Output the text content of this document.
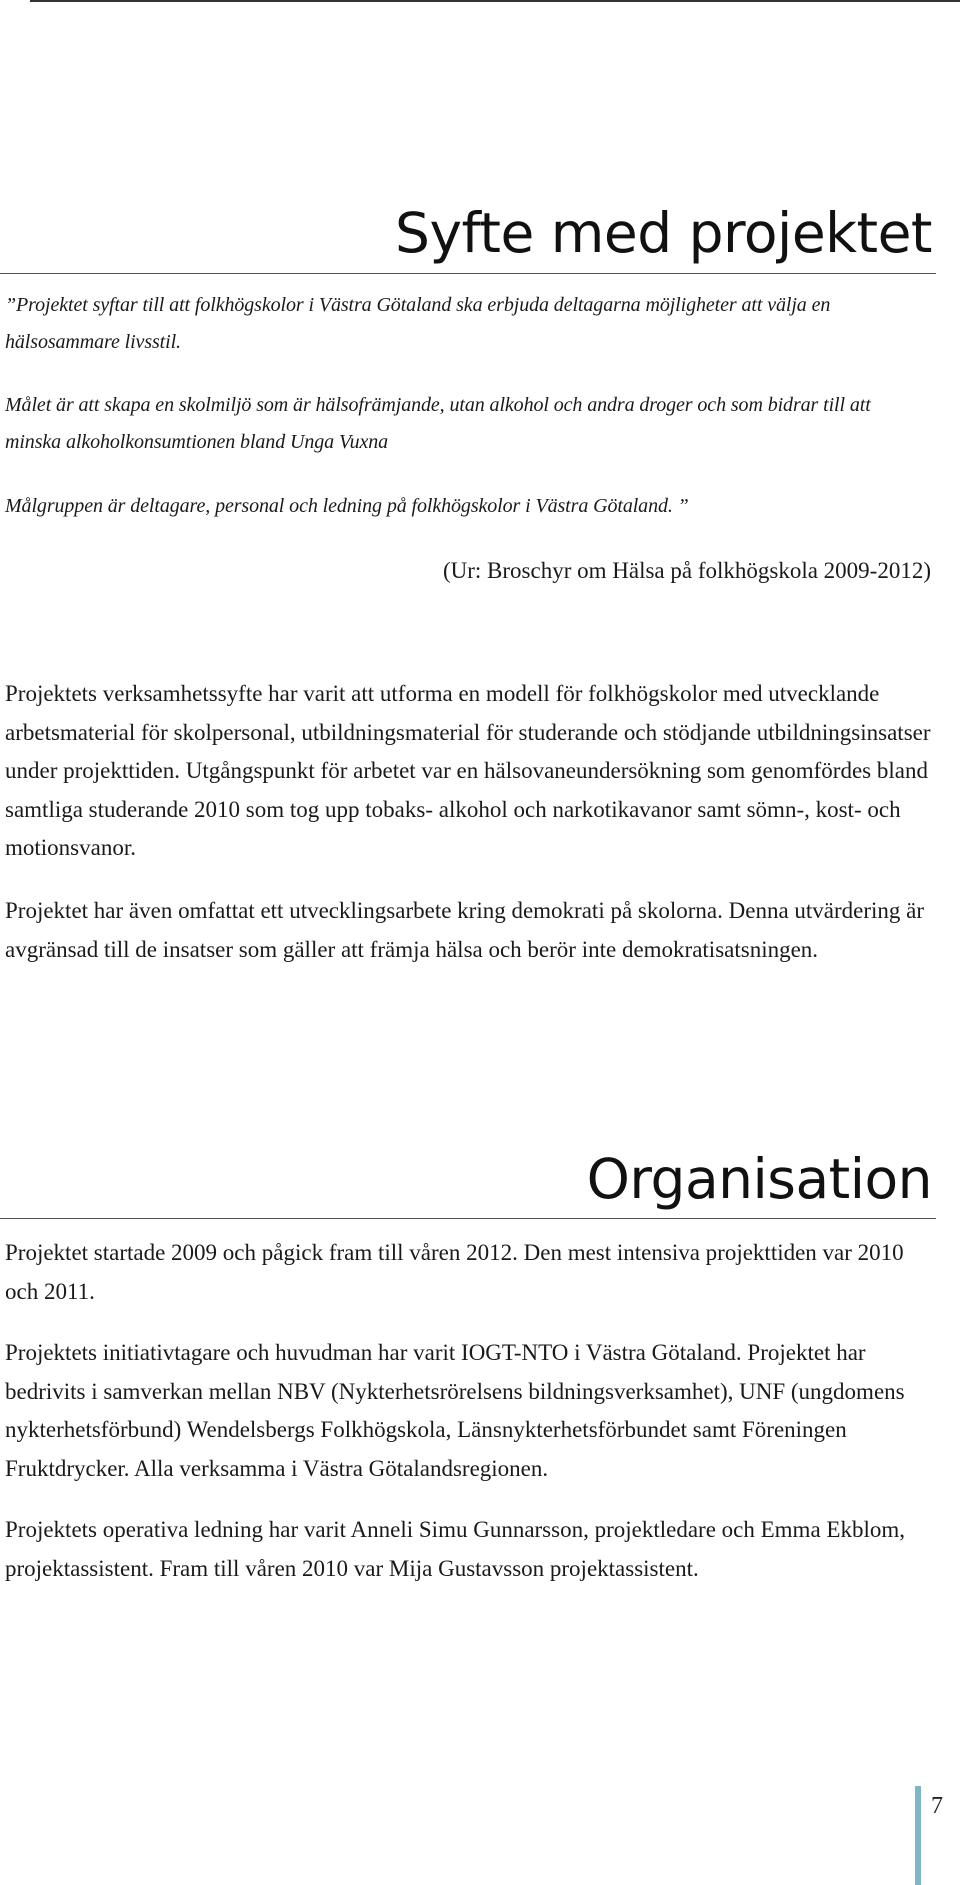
Syfte med projektet

”Projektet syftar till att folkhögskolor i Västra Götaland ska erbjuda deltagarna möjligheter att välja en hälsosammare livsstil.

Målet är att skapa en skolmiljö som är hälsofrämjande, utan alkohol och andra droger och som bidrar till att minska alkoholkonsumtionen bland Unga Vuxna

Målgruppen är deltagare, personal och ledning på folkhögskolor i Västra Götaland. ”

(Ur: Broschyr om Hälsa på folkhögskola 2009-2012)

Projektets verksamhetssyfte har varit att utforma en modell för folkhögskolor med utvecklande arbetsmaterial för skolpersonal, utbildningsmaterial för studerande och stödjande utbildningsinsatser under projekttiden. Utgångspunkt för arbetet var en hälsovaneundersökning som genomfördes bland samtliga studerande 2010 som tog upp tobaks- alkohol och narkotikavanor samt sömn-, kost- och motionsvanor.

Projektet har även omfattat ett utvecklingsarbete kring demokrati på skolorna. Denna utvärdering är avgränsad till de insatser som gäller att främja hälsa och berör inte demokratisatsningen.

Organisation

Projektet startade 2009 och pågick fram till våren 2012. Den mest intensiva projekttiden var 2010 och 2011.

Projektets initiativtagare och huvudman har varit IOGT-NTO i Västra Götaland. Projektet har bedrivits i samverkan mellan NBV (Nykterhetsrörelsens bildningsverksamhet), UNF (ungdomens nykterhetsförbund) Wendelsbergs Folkhögskola, Länsnykterhetsförbundet samt Föreningen Fruktdrycker. Alla verksamma i Västra Götalandsregionen.

Projektets operativa ledning har varit Anneli Simu Gunnarsson, projektledare och Emma Ekblom, projektassistent. Fram till våren 2010 var Mija Gustavsson projektassistent.

7
